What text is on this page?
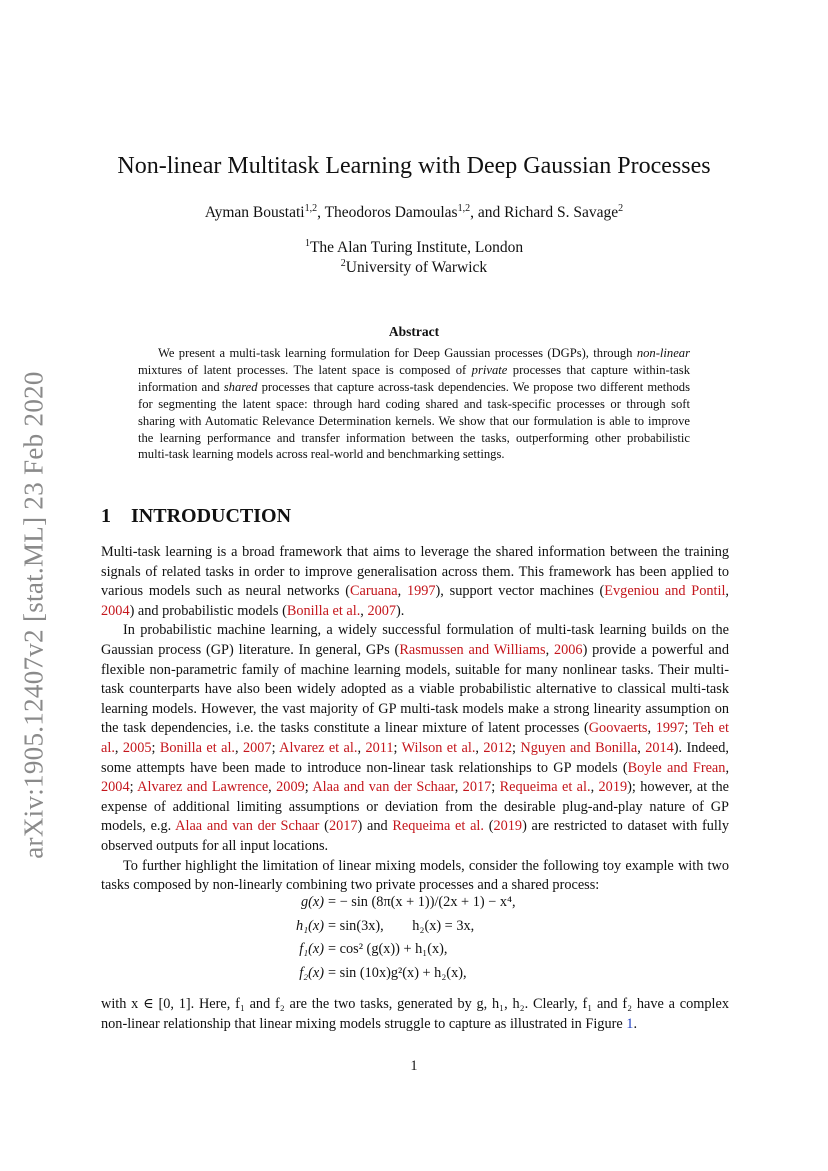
arXiv:1905.12407v2 [stat.ML] 23 Feb 2020
Non-linear Multitask Learning with Deep Gaussian Processes
Ayman Boustati$^{1,2}$, Theodoros Damoulas$^{1,2}$, and Richard S. Savage$^2$
$^1$The Alan Turing Institute, London
$^2$University of Warwick
Abstract
We present a multi-task learning formulation for Deep Gaussian processes (DGPs), through non-linear mixtures of latent processes. The latent space is composed of private processes that capture within-task information and shared processes that capture across-task dependencies. We propose two different methods for segmenting the latent space: through hard coding shared and task-specific processes or through soft sharing with Automatic Relevance Determination kernels. We show that our formulation is able to improve the learning performance and transfer information between the tasks, outperforming other probabilistic multi-task learning models across real-world and benchmarking settings.
1 INTRODUCTION

Multi-task learning is a broad framework that aims to leverage the shared information between the training signals of related tasks in order to improve generalisation across them. This framework has been applied to various models such as neural networks (Caruana, 1997), support vector machines (Evgeniou and Pontil, 2004) and probabilistic models (Bonilla et al., 2007).

In probabilistic machine learning, a widely successful formulation of multi-task learning builds on the Gaussian process (GP) literature. In general, GPs (Rasmussen and Williams, 2006) provide a powerful and flexible non-parametric family of machine learning models, suitable for many nonlinear tasks. Their multi-task counterparts have also been widely adopted as a viable probabilistic alternative to classical multi-task learning models. However, the vast majority of GP multi-task models make a strong linearity assumption on the task dependencies, i.e. the tasks constitute a linear mixture of latent processes (Goovaerts, 1997; Teh et al., 2005; Bonilla et al., 2007; Alvarez et al., 2011; Wilson et al., 2012; Nguyen and Bonilla, 2014). Indeed, some attempts have been made to introduce non-linear task relationships to GP models (Boyle and Frean, 2004; Alvarez and Lawrence, 2009; Alaa and van der Schaar, 2017; Requeima et al., 2019); however, at the expense of additional limiting assumptions or deviation from the desirable plug-and-play nature of GP models, e.g. Alaa and van der Schaar (2017) and Requeima et al. (2019) are restricted to dataset with fully observed outputs for all input locations.

To further highlight the limitation of linear mixing models, consider the following toy example with two tasks composed by non-linearly combining two private processes and a shared process:

g(x) = − sin (8π(x + 1))/(2x + 1) − x⁴,
h₁(x) = sin(3x),        h₂(x) = 3x,
f₁(x) = cos² (g(x)) + h₁(x),
f₂(x) = sin (10x)g²(x) + h₂(x),

with x ∈ [0, 1]. Here, f₁ and f₂ are the two tasks, generated by g, h₁, h₂. Clearly, f₁ and f₂ have a complex non-linear relationship that linear mixing models struggle to capture as illustrated in Figure 1.

1
